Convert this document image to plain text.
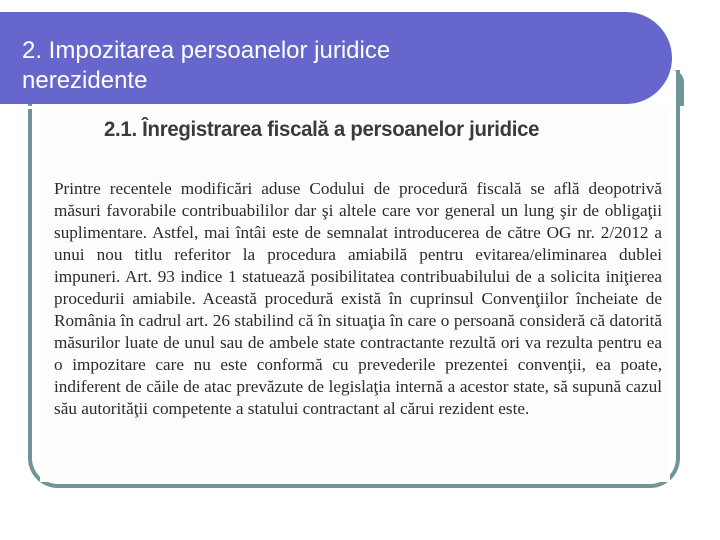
2. Impozitarea persoanelor juridice
nerezidente
2.1. Înregistrarea fiscală a persoanelor juridice
Printre recentele modificări aduse Codului de procedură fiscală se află deopotrivă măsuri favorabile contribuabililor dar şi altele care vor general un lung şir de obligaţii suplimentare. Astfel, mai întâi este de semnalat introducerea de către OG nr. 2/2012 a unui nou titlu referitor la procedura amiabilă pentru evitarea/eliminarea dublei impuneri. Art. 93 indice 1 statuează posibilitatea contribuabilului de a solicita iniţierea procedurii amiabile. Această procedură există în cuprinsul Convenţiilor încheiate de România în cadrul art. 26 stabilind că în situaţia în care o persoană consideră că datorită măsurilor luate de unul sau de ambele state contractante rezultă ori va rezulta pentru ea o impozitare care nu este conformă cu prevederile prezentei convenţii, ea poate, indiferent de căile de atac prevăzute de legislaţia internă a acestor state, să supună cazul său autorităţii competente a statului contractant al cărui rezident este.
